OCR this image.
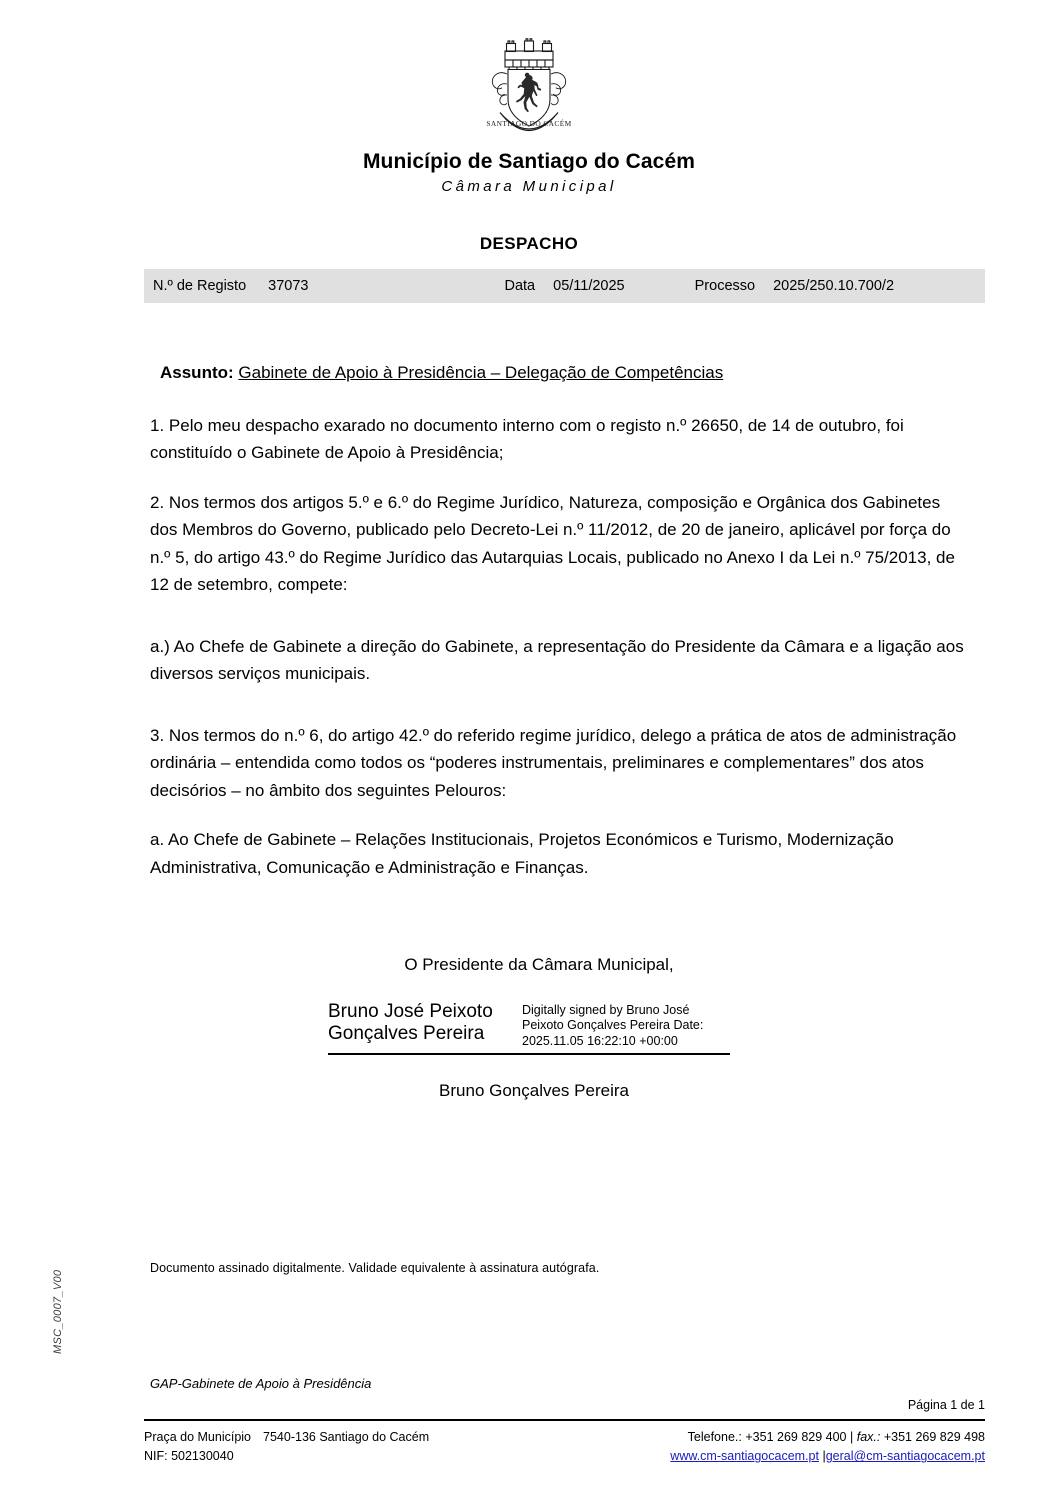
MSC_0007_V00
SANTIAGO DO CACÉM
Município de Santiago do Cacém
Câmara Municipal
DESPACHO
N.º de Registo 37073	Data 05/11/2025	Processo 2025/250.10.700/2
Assunto: Gabinete de Apoio à Presidência – Delegação de Competências

1. Pelo meu despacho exarado no documento interno com o registo n.º 26650, de 14 de outubro, foi constituído o Gabinete de Apoio à Presidência;

2. Nos termos dos artigos 5.º e 6.º do Regime Jurídico, Natureza, composição e Orgânica dos Gabinetes dos Membros do Governo, publicado pelo Decreto-Lei n.º 11/2012, de 20 de janeiro, aplicável por força do n.º 5, do artigo 43.º do Regime Jurídico das Autarquias Locais, publicado no Anexo I da Lei n.º 75/2013, de 12 de setembro, compete:

a.) Ao Chefe de Gabinete a direção do Gabinete, a representação do Presidente da Câmara e a ligação aos diversos serviços municipais.

3. Nos termos do n.º 6, do artigo 42.º do referido regime jurídico, delego a prática de atos de administração ordinária – entendida como todos os “poderes instrumentais, preliminares e complementares” dos atos decisórios – no âmbito dos seguintes Pelouros:

a. Ao Chefe de Gabinete – Relações Institucionais, Projetos Económicos e Turismo, Modernização Administrativa, Comunicação e Administração e Finanças.

O Presidente da Câmara Municipal,
Bruno José Peixoto Gonçalves Pereira
Digitally signed by Bruno José Peixoto Gonçalves Pereira Date: 2025.11.05 16:22:10 +00:00
Bruno Gonçalves Pereira
Documento assinado digitalmente. Validade equivalente à assinatura autógrafa.
GAP-Gabinete de Apoio à Presidência
Página 1 de 1
Praça do Município 7540-136 Santiago do Cacém
NIF: 502130040
Telefone.: +351 269 829 400 | fax.: +351 269 829 498
www.cm-santiagocacem.pt |geral@cm-santiagocacem.pt
